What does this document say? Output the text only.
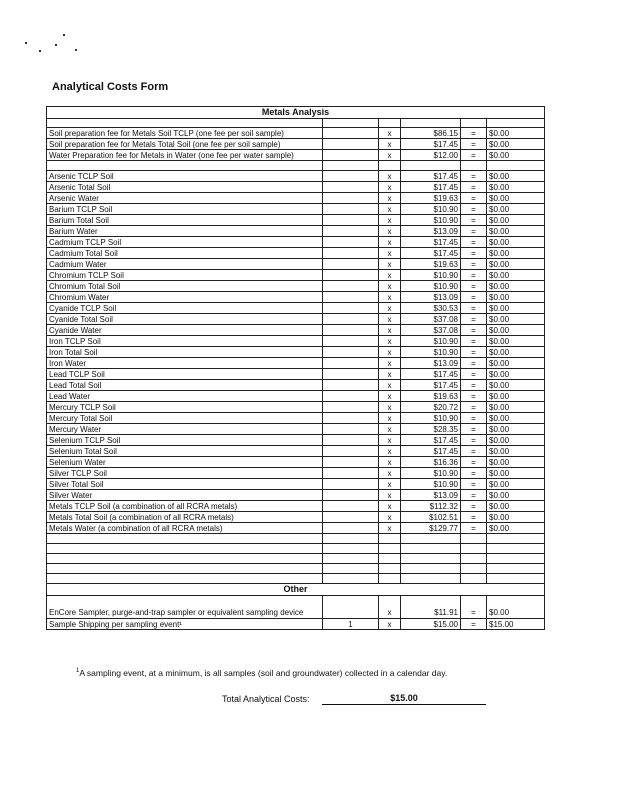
Analytical Costs Form
Metals Analysis					

Soil preparation fee for Metals Soil TCLP (one fee per soil sample)		x	$86.15	=	$0.00
Soil preparation fee for Metals Total Soil (one fee per soil sample)		x	$17.45	=	$0.00
Water Preparation fee for Metals in Water (one fee per water sample)		x	$12.00	=	$0.00

Arsenic TCLP Soil		x	$17.45	=	$0.00
Arsenic Total Soil		x	$17.45	=	$0.00
Arsenic Water		x	$19.63	=	$0.00
Barium TCLP Soil		x	$10.90	=	$0.00
Barium Total Soil		x	$10.90	=	$0.00
Barium Water		x	$13.09	=	$0.00
Cadmium TCLP Soil		x	$17.45	=	$0.00
Cadmium Total Soil		x	$17.45	=	$0.00
Cadmium Water		x	$19.63	=	$0.00
Chromium TCLP Soil		x	$10.90	=	$0.00
Chromium Total Soil		x	$10.90	=	$0.00
Chromium Water		x	$13.09	=	$0.00
Cyanide TCLP Soil		x	$30.53	=	$0.00
Cyanide Total Soil		x	$37.08	=	$0.00
Cyanide Water		x	$37.08	=	$0.00
Iron TCLP Soil		x	$10.90	=	$0.00
Iron Total Soil		x	$10.90	=	$0.00
Iron Water		x	$13.09	=	$0.00
Lead TCLP Soil		x	$17.45	=	$0.00
Lead Total Soil		x	$17.45	=	$0.00
Lead Water		x	$19.63	=	$0.00
Mercury TCLP Soil		x	$20.72	=	$0.00
Mercury Total Soil		x	$10.90	=	$0.00
Mercury Water		x	$28.35	=	$0.00
Selenium TCLP Soil		x	$17.45	=	$0.00
Selenium Total Soil		x	$17.45	=	$0.00
Selenium Water		x	$16.36	=	$0.00
Silver TCLP Soil		x	$10.90	=	$0.00
Silver Total Soil		x	$10.90	=	$0.00
Silver Water		x	$13.09	=	$0.00
Metals TCLP Soil (a combination of all RCRA metals)		x	$112.32	=	$0.00
Metals Total Soil (a combination of all RCRA metals)		x	$102.51	=	$0.00
Metals Water (a combination of all RCRA metals)		x	$129.77	=	$0.00

Other					
EnCore Sampler, purge-and-trap sampler or equivalent sampling device		x	$11.91	=	$0.00
Sample Shipping per sampling event¹	1	x	$15.00	=	$15.00
$^1$A sampling event, at a minimum, is all samples (soil and groundwater) collected in a calendar day.
Total Analytical Costs:	$15.00
